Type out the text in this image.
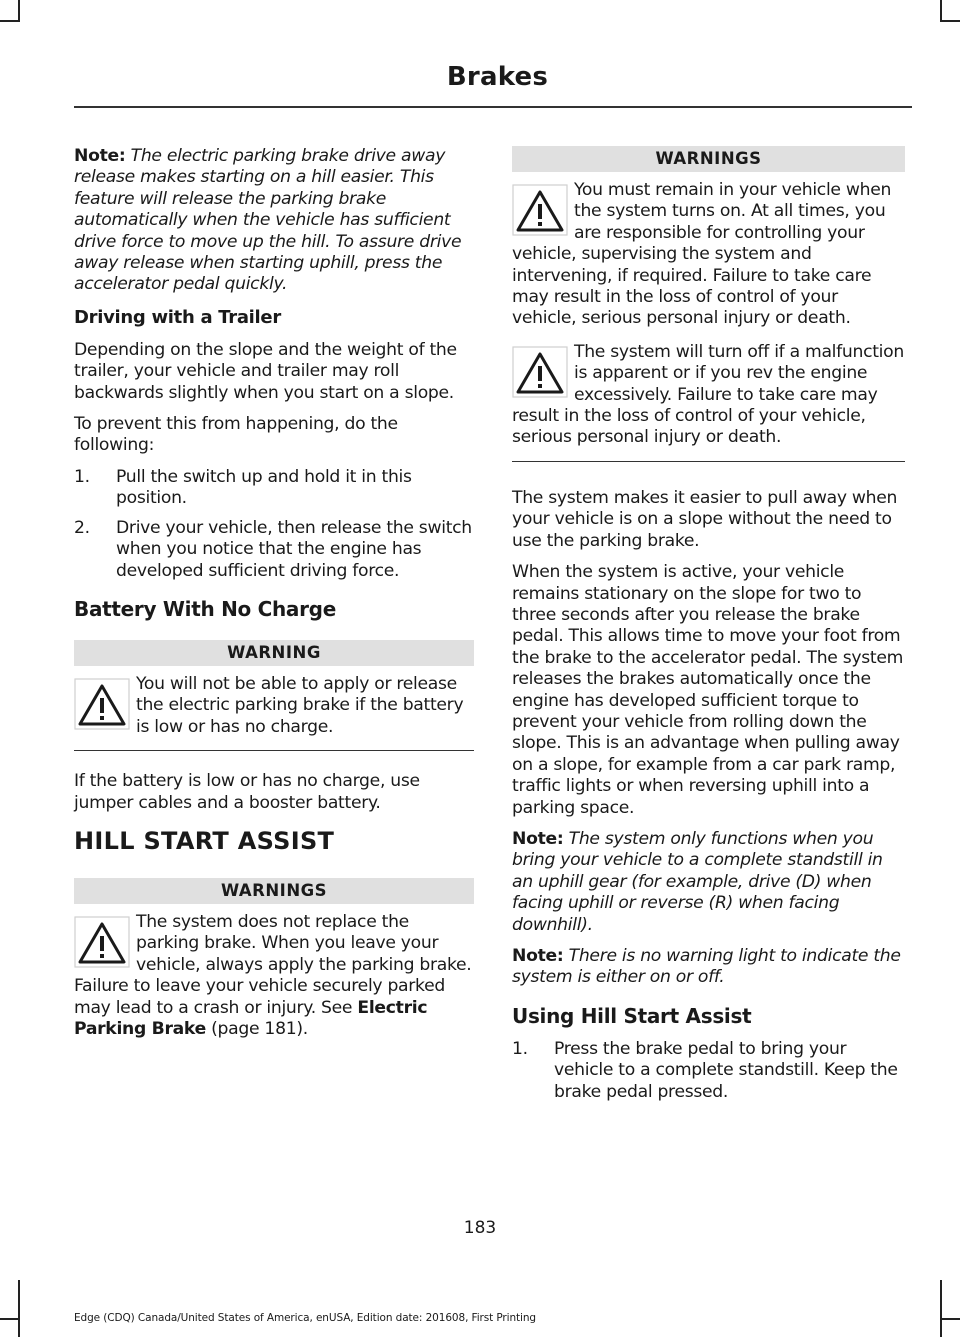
Brakes

Note: The electric parking brake drive away release makes starting on a hill easier. This feature will release the parking brake automatically when the vehicle has sufficient drive force to move up the hill. To assure drive away release when starting uphill, press the accelerator pedal quickly.

Driving with a Trailer

Depending on the slope and the weight of the trailer, your vehicle and trailer may roll backwards slightly when you start on a slope.

To prevent this from happening, do the following:

1. Pull the switch up and hold it in this position.
2. Drive your vehicle, then release the switch when you notice that the engine has developed sufficient driving force.
Battery With No Charge
WARNING
You will not be able to apply or release the electric parking brake if the battery is low or has no charge.

If the battery is low or has no charge, use jumper cables and a booster battery.

HILL START ASSIST
WARNINGS
The system does not replace the parking brake. When you leave your vehicle, always apply the parking brake. Failure to leave your vehicle securely parked may lead to a crash or injury. See Electric Parking Brake (page 181).
WARNINGS
You must remain in your vehicle when the system turns on. At all times, you are responsible for controlling your vehicle, supervising the system and intervening, if required. Failure to take care may result in the loss of control of your vehicle, serious personal injury or death.
The system will turn off if a malfunction is apparent or if you rev the engine excessively. Failure to take care may result in the loss of control of your vehicle, serious personal injury or death.

The system makes it easier to pull away when your vehicle is on a slope without the need to use the parking brake.

When the system is active, your vehicle remains stationary on the slope for two to three seconds after you release the brake pedal. This allows time to move your foot from the brake to the accelerator pedal. The system releases the brakes automatically once the engine has developed sufficient torque to prevent your vehicle from rolling down the slope. This is an advantage when pulling away on a slope, for example from a car park ramp, traffic lights or when reversing uphill into a parking space.

Note: The system only functions when you bring your vehicle to a complete standstill in an uphill gear (for example, drive (D) when facing uphill or reverse (R) when facing downhill).

Note: There is no warning light to indicate the system is either on or off.

Using Hill Start Assist
1. Press the brake pedal to bring your vehicle to a complete standstill. Keep the brake pedal pressed.
183
Edge (CDQ) Canada/United States of America, enUSA, Edition date: 201608, First Printing
